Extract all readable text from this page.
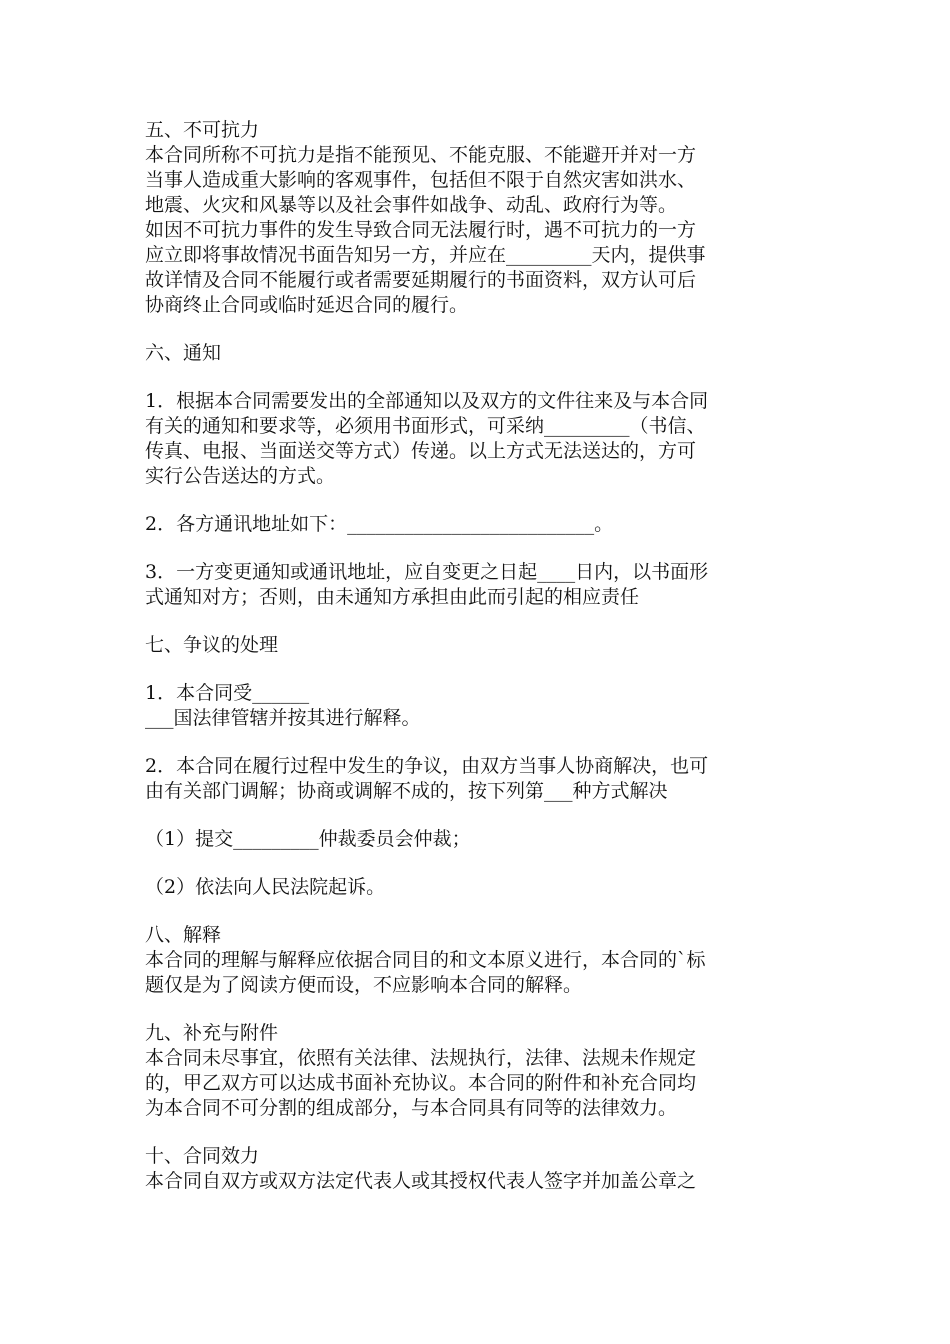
五、不可抗力
本合同所称不可抗力是指不能预见、不能克服、不能避开并对一方
当事人造成重大影响的客观事件，包括但不限于自然灾害如洪水、
地震、火灾和风暴等以及社会事件如战争、动乱、政府行为等。
如因不可抗力事件的发生导致合同无法履行时，遇不可抗力的一方
应立即将事故情况书面告知另一方，并应在_________天内，提供事
故详情及合同不能履行或者需要延期履行的书面资料，双方认可后
协商终止合同或临时延迟合同的履行。
六、通知
1．根据本合同需要发出的全部通知以及双方的文件往来及与本合同
有关的通知和要求等，必须用书面形式，可采纳_________（书信、
传真、电报、当面送交等方式）传递。以上方式无法送达的，方可
实行公告送达的方式。
2．各方通讯地址如下：__________________________。
3．一方变更通知或通讯地址，应自变更之日起____日内，以书面形
式通知对方；否则，由未通知方承担由此而引起的相应责任
七、争议的处理
1．本合同受______
___国法律管辖并按其进行解释。
2．本合同在履行过程中发生的争议，由双方当事人协商解决，也可
由有关部门调解；协商或调解不成的，按下列第___种方式解决
（1）提交_________仲裁委员会仲裁；
（2）依法向人民法院起诉。
八、解释
本合同的理解与解释应依据合同目的和文本原义进行，本合同的`标
题仅是为了阅读方便而设，不应影响本合同的解释。
九、补充与附件
本合同未尽事宜，依照有关法律、法规执行，法律、法规未作规定
的，甲乙双方可以达成书面补充协议。本合同的附件和补充合同均
为本合同不可分割的组成部分，与本合同具有同等的法律效力。
十、合同效力
本合同自双方或双方法定代表人或其授权代表人签字并加盖公章之
